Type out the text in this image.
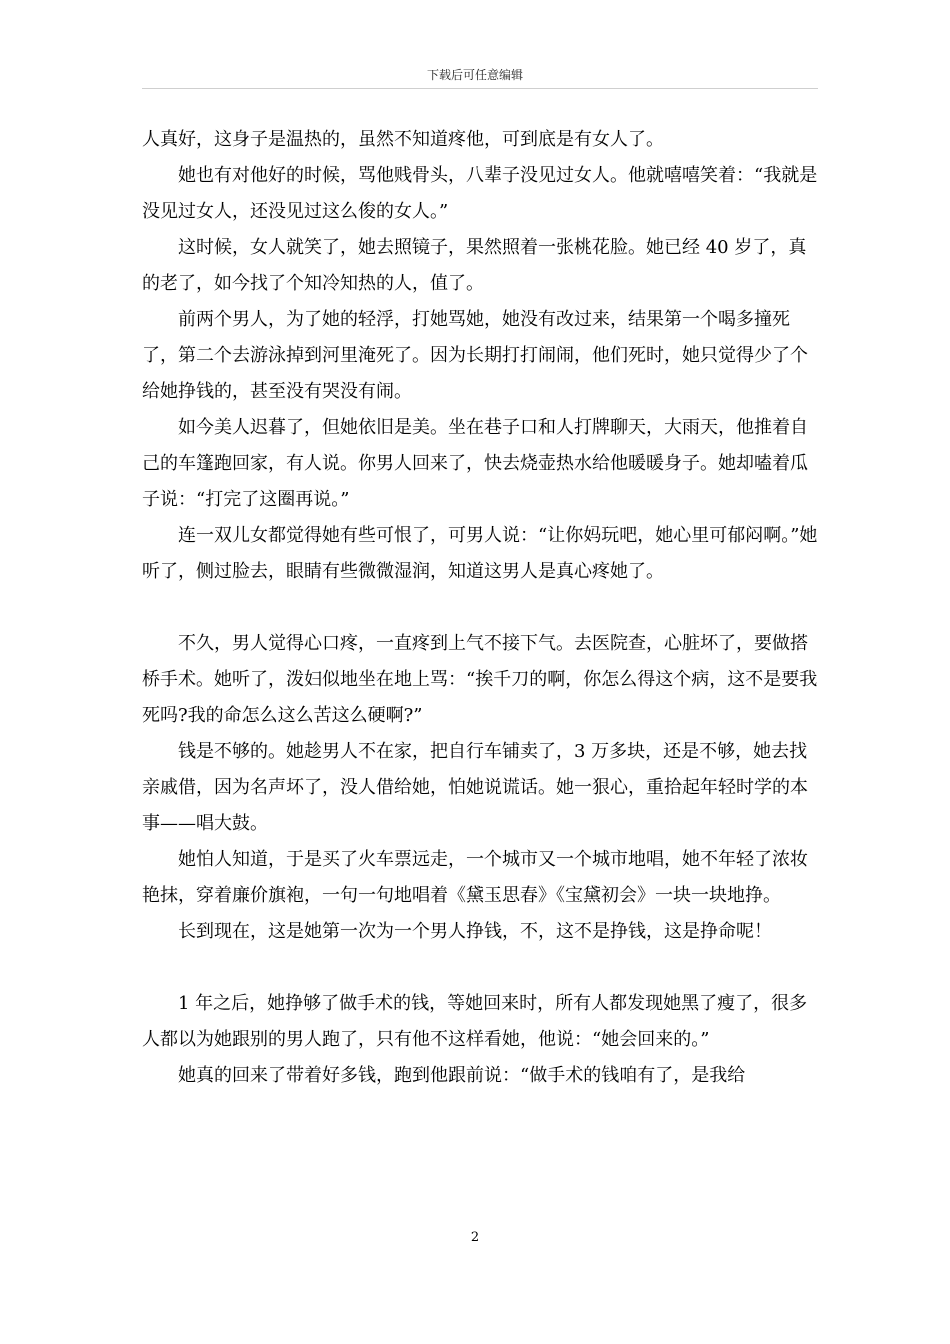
下载后可任意编辑

人真好，这身子是温热的，虽然不知道疼他，可到底是有女人了。

她也有对他好的时候，骂他贱骨头，八辈子没见过女人。他就嘻嘻笑着：“我就是没见过女人，还没见过这么俊的女人。”

这时候，女人就笑了，她去照镜子，果然照着一张桃花脸。她已经 40 岁了，真的老了，如今找了个知冷知热的人，值了。

前两个男人，为了她的轻浮，打她骂她，她没有改过来，结果第一个喝多撞死了，第二个去游泳掉到河里淹死了。因为长期打打闹闹，他们死时，她只觉得少了个给她挣钱的，甚至没有哭没有闹。

如今美人迟暮了，但她依旧是美。坐在巷子口和人打牌聊天，大雨天，他推着自己的车篷跑回家，有人说。你男人回来了，快去烧壶热水给他暖暖身子。她却嗑着瓜子说：“打完了这圈再说。”

连一双儿女都觉得她有些可恨了，可男人说：“让你妈玩吧，她心里可郁闷啊。”她听了，侧过脸去，眼睛有些微微湿润，知道这男人是真心疼她了。

不久，男人觉得心口疼，一直疼到上气不接下气。去医院查，心脏坏了，要做搭桥手术。她听了，泼妇似地坐在地上骂：“挨千刀的啊，你怎么得这个病，这不是要我死吗?我的命怎么这么苦这么硬啊?”

钱是不够的。她趁男人不在家，把自行车铺卖了，3 万多块，还是不够，她去找亲戚借，因为名声坏了，没人借给她，怕她说谎话。她一狠心，重拾起年轻时学的本事——唱大鼓。

她怕人知道，于是买了火车票远走，一个城市又一个城市地唱，她不年轻了浓妆艳抹，穿着廉价旗袍，一句一句地唱着《黛玉思春》《宝黛初会》一块一块地挣。

长到现在，这是她第一次为一个男人挣钱，不，这不是挣钱，这是挣命呢！

1 年之后，她挣够了做手术的钱，等她回来时，所有人都发现她黑了瘦了，很多人都以为她跟别的男人跑了，只有他不这样看她，他说：“她会回来的。”

她真的回来了带着好多钱，跑到他跟前说：“做手术的钱咱有了，是我给

2
